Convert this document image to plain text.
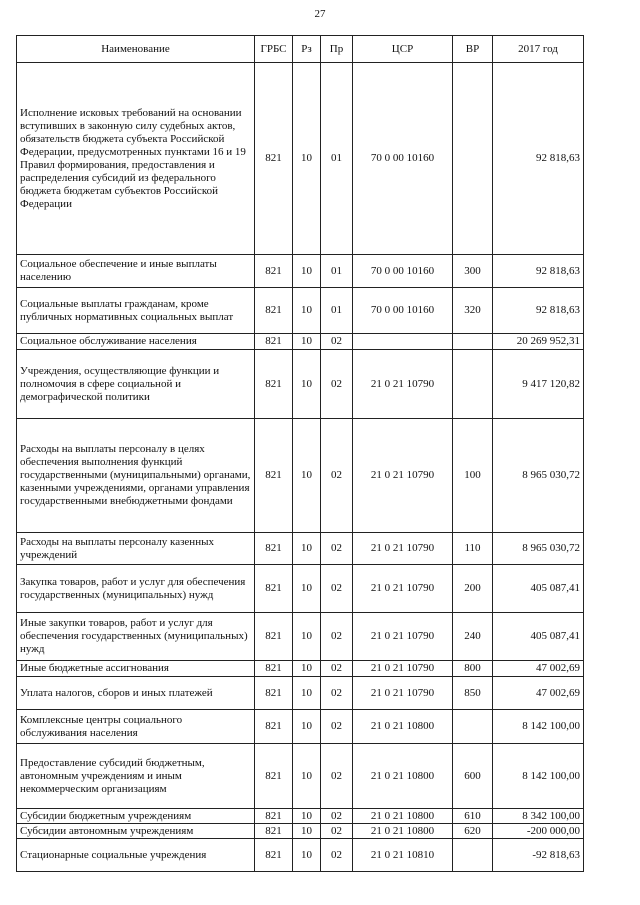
27
Наименование	ГРБС	Рз	Пр	ЦСР	ВР	2017 год
Исполнение исковых требований на основании вступивших в законную силу судебных актов, обязательств бюджета субъекта Российской Федерации, предусмотренных пунктами 16 и 19 Правил формирования, предоставления и распределения субсидий из федерального бюджета бюджетам субъектов Российской Федерации	821	10	01	70 0 00 10160		92 818,63
Социальное обеспечение и иные выплаты населению	821	10	01	70 0 00 10160	300	92 818,63
Социальные выплаты гражданам, кроме публичных нормативных социальных выплат	821	10	01	70 0 00 10160	320	92 818,63
Социальное обслуживание населения	821	10	02			20 269 952,31
Учреждения, осуществляющие функции и полномочия в сфере социальной и демографической политики	821	10	02	21 0 21 10790		9 417 120,82
Расходы на выплаты персоналу в целях обеспечения выполнения функций государственными (муниципальными) органами, казенными учреждениями, органами управления государственными внебюджетными фондами	821	10	02	21 0 21 10790	100	8 965 030,72
Расходы на выплаты персоналу казенных учреждений	821	10	02	21 0 21 10790	110	8 965 030,72
Закупка товаров, работ и услуг для обеспечения государственных (муниципальных) нужд	821	10	02	21 0 21 10790	200	405 087,41
Иные закупки товаров, работ и услуг для обеспечения государственных (муниципальных) нужд	821	10	02	21 0 21 10790	240	405 087,41
Иные бюджетные ассигнования	821	10	02	21 0 21 10790	800	47 002,69
Уплата налогов, сборов и иных платежей	821	10	02	21 0 21 10790	850	47 002,69
Комплексные центры социального обслуживания населения	821	10	02	21 0 21 10800		8 142 100,00
Предоставление субсидий бюджетным, автономным учреждениям и иным некоммерческим организациям	821	10	02	21 0 21 10800	600	8 142 100,00
Субсидии бюджетным учреждениям	821	10	02	21 0 21 10800	610	8 342 100,00
Субсидии автономным учреждениям	821	10	02	21 0 21 10800	620	-200 000,00
Стационарные социальные учреждения	821	10	02	21 0 21 10810		-92 818,63
